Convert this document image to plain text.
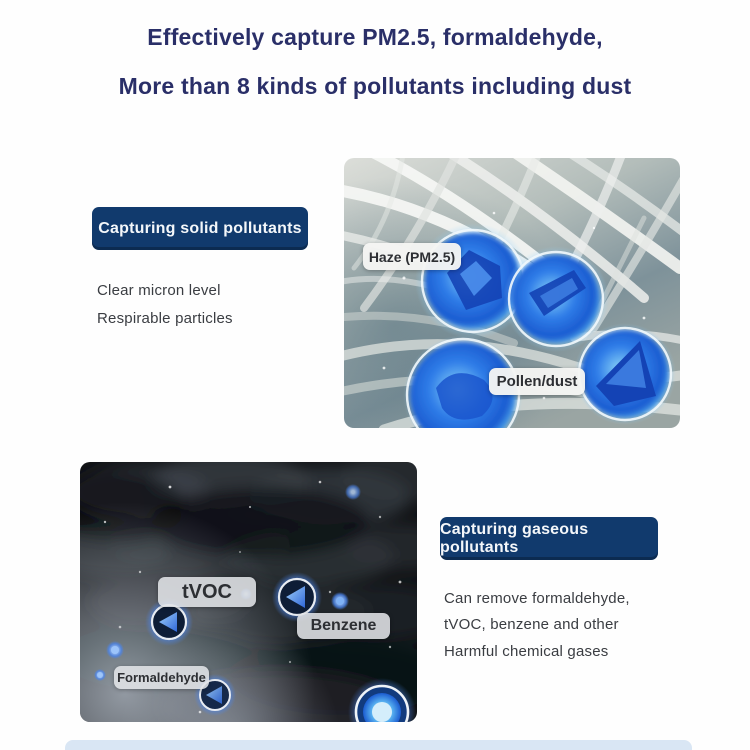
Effectively capture PM2.5, formaldehyde,
More than 8 kinds of pollutants including dust
Capturing solid pollutants
Clear micron level
Respirable particles
Haze (PM2.5)
Pollen/dust
tVOC
Benzene
Formaldehyde
Capturing gaseous pollutants
Can remove formaldehyde,
tVOC, benzene and other
Harmful chemical gases
